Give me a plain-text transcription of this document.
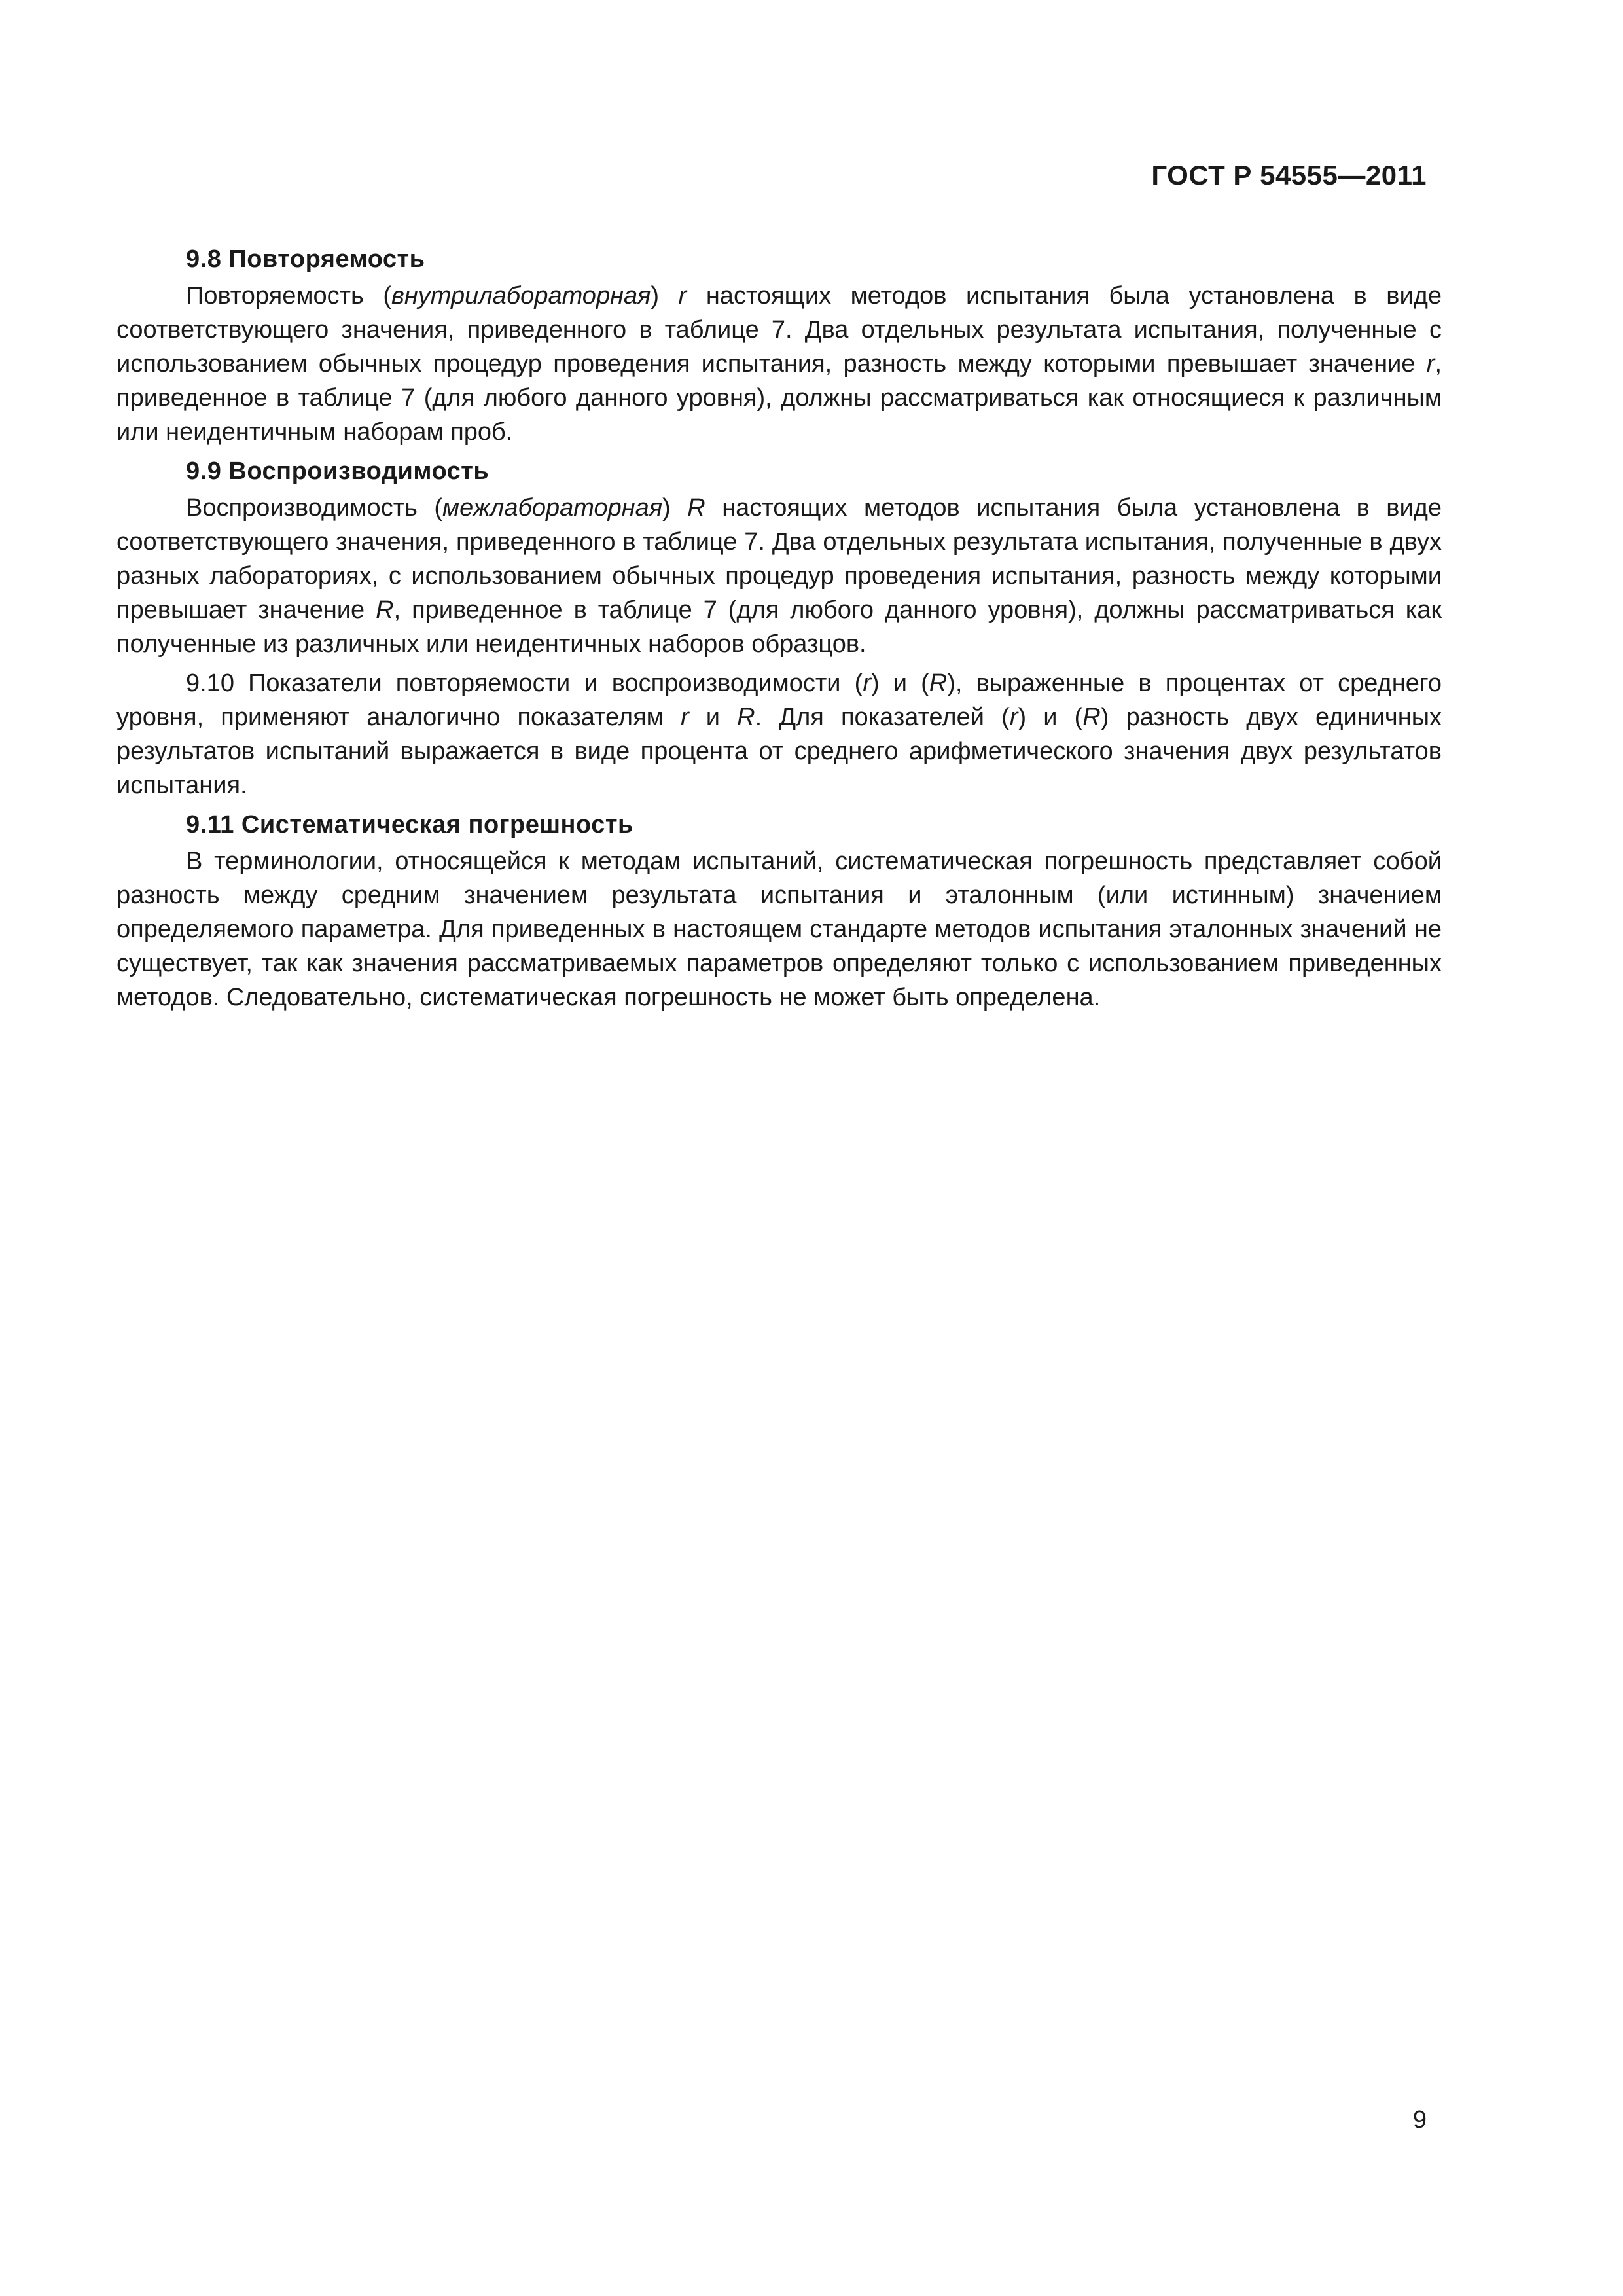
ГОСТ Р 54555—2011
9.8 Повторяемость

Повторяемость (внутрилабораторная) r настоящих методов испытания была установлена в виде соответствующего значения, приведенного в таблице 7. Два отдельных результата испытания, полученные с использованием обычных процедур проведения испытания, разность между которыми превышает значение r, приведенное в таблице 7 (для любого данного уровня), должны рассматриваться как относящиеся к различным или неидентичным наборам проб.

9.9 Воспроизводимость

Воспроизводимость (межлабораторная) R настоящих методов испытания была установлена в виде соответствующего значения, приведенного в таблице 7. Два отдельных результата испытания, полученные в двух разных лабораториях, с использованием обычных процедур проведения испытания, разность между которыми превышает значение R, приведенное в таблице 7 (для любого данного уровня), должны рассматриваться как полученные из различных или неидентичных наборов образцов.

9.10 Показатели повторяемости и воспроизводимости (r) и (R), выраженные в процентах от среднего уровня, применяют аналогично показателям r и R. Для показателей (r) и (R) разность двух единичных результатов испытаний выражается в виде процента от среднего арифметического значения двух результатов испытания.

9.11 Систематическая погрешность

В терминологии, относящейся к методам испытаний, систематическая погрешность представляет собой разность между средним значением результата испытания и эталонным (или истинным) значением определяемого параметра. Для приведенных в настоящем стандарте методов испытания эталонных значений не существует, так как значения рассматриваемых параметров определяют только с использованием приведенных методов. Следовательно, систематическая погрешность не может быть определена.

9
